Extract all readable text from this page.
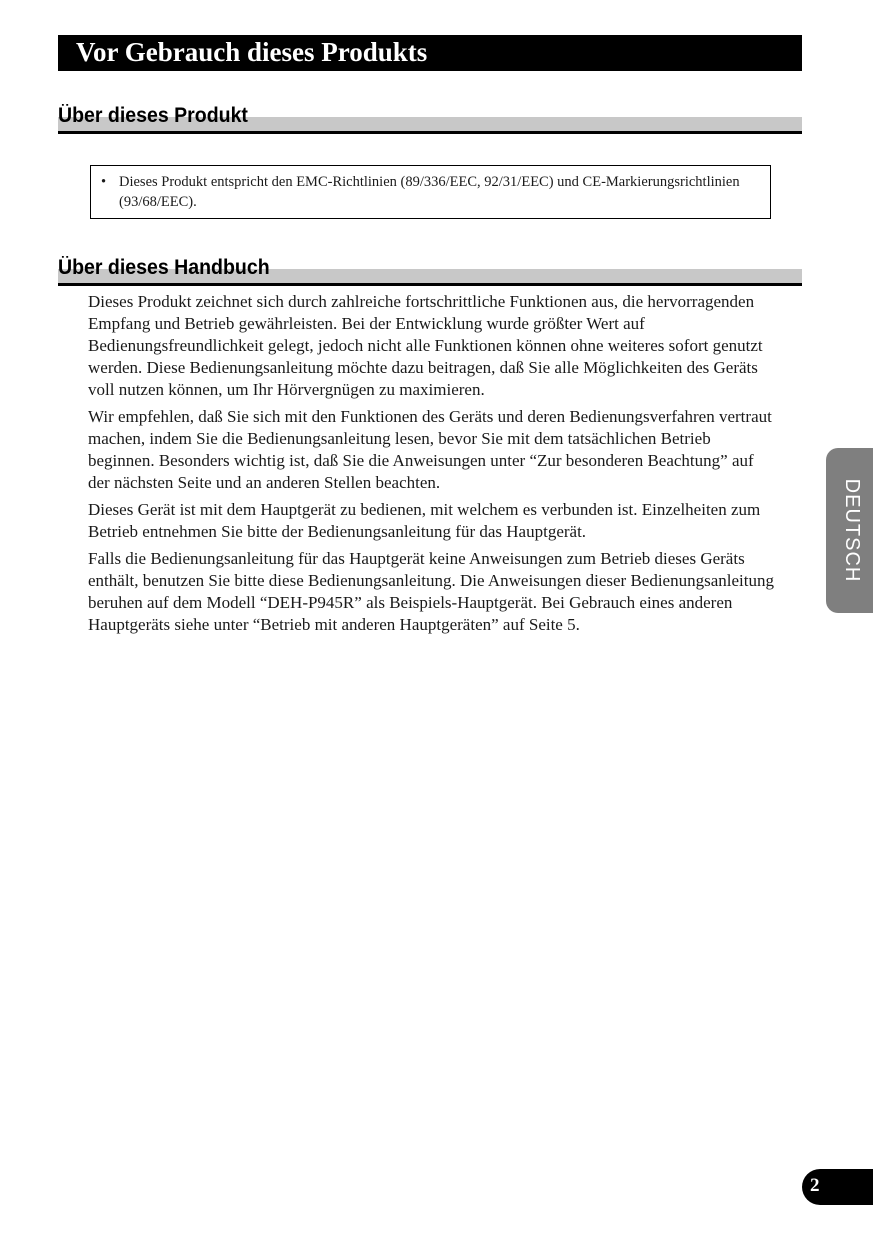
Vor Gebrauch dieses Produkts
Über dieses Produkt
• Dieses Produkt entspricht den EMC-Richtlinien (89/336/EEC, 92/31/EEC) und CE-Markierungsrichtlinien (93/68/EEC).
Über dieses Handbuch

Dieses Produkt zeichnet sich durch zahlreiche fortschrittliche Funktionen aus, die hervorragenden Empfang und Betrieb gewährleisten. Bei der Entwicklung wurde größter Wert auf Bedienungsfreundlichkeit gelegt, jedoch nicht alle Funktionen können ohne weiteres sofort genutzt werden. Diese Bedienungsanleitung möchte dazu beitragen, daß Sie alle Möglichkeiten des Geräts voll nutzen können, um Ihr Hörvergnügen zu maximieren.

Wir empfehlen, daß Sie sich mit den Funktionen des Geräts und deren Bedienungsverfahren vertraut machen, indem Sie die Bedienungsanleitung lesen, bevor Sie mit dem tatsächlichen Betrieb beginnen. Besonders wichtig ist, daß Sie die Anweisungen unter “Zur besonderen Beachtung” auf der nächsten Seite und an anderen Stellen beachten.

Dieses Gerät ist mit dem Hauptgerät zu bedienen, mit welchem es verbunden ist. Einzelheiten zum Betrieb entnehmen Sie bitte der Bedienungsanleitung für das Hauptgerät.

Falls die Bedienungsanleitung für das Hauptgerät keine Anweisungen zum Betrieb dieses Geräts enthält, benutzen Sie bitte diese Bedienungsanleitung. Die Anweisungen dieser Bedienungsanleitung beruhen auf dem Modell “DEH-P945R” als Beispiels-Hauptgerät. Bei Gebrauch eines anderen Hauptgeräts siehe unter “Betrieb mit anderen Hauptgeräten” auf Seite 5.

DEUTSCH
2
